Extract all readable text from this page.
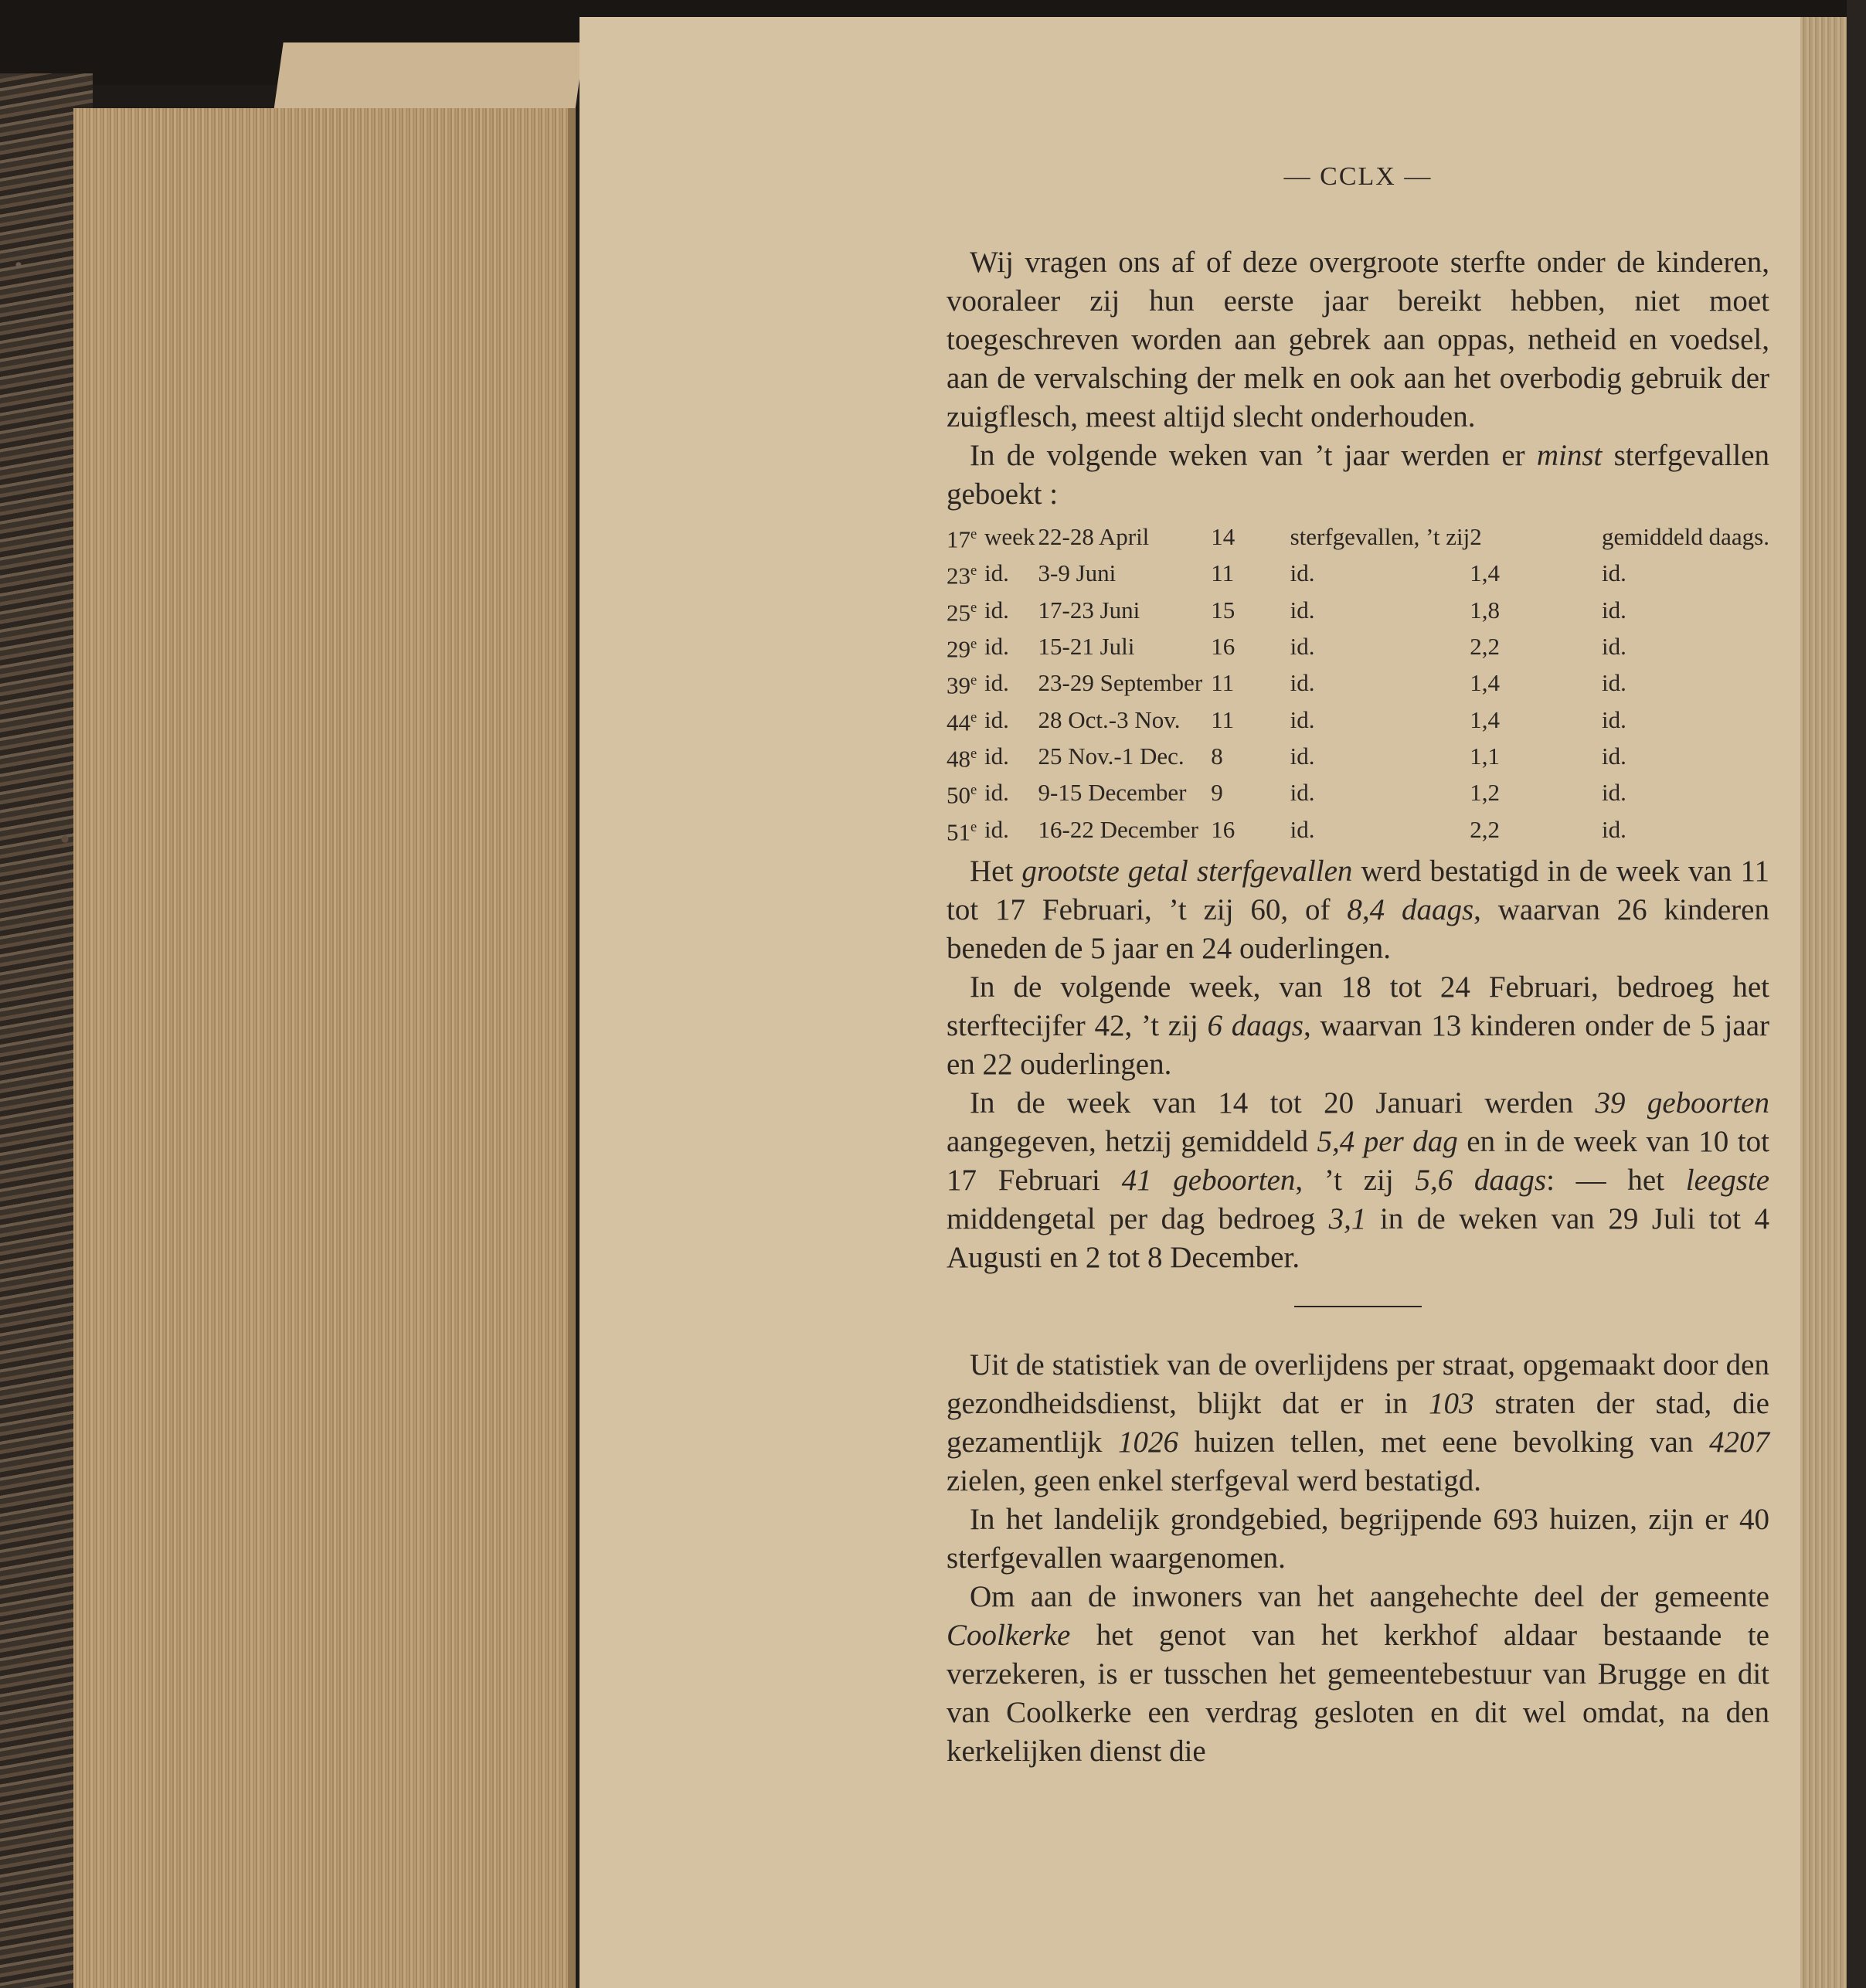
— CCLX —

Wij vragen ons af of deze overgroote sterfte onder de kinderen, vooraleer zij hun eerste jaar bereikt hebben, niet moet toegeschreven worden aan gebrek aan oppas, netheid en voedsel, aan de vervalsching der melk en ook aan het overbodig gebruik der zuigflesch, meest altijd slecht onderhouden.

In de volgende weken van ’t jaar werden er minst sterfgevallen geboekt :

17e	week	22-28 April	14	sterfgevallen, ’t zij	2	gemiddeld daags.
23e	id.	3-9 Juni	11	id.	1,4	id.
25e	id.	17-23 Juni	15	id.	1,8	id.
29e	id.	15-21 Juli	16	id.	2,2	id.
39e	id.	23-29 September	11	id.	1,4	id.
44e	id.	28 Oct.-3 Nov.	11	id.	1,4	id.
48e	id.	25 Nov.-1 Dec.	8	id.	1,1	id.
50e	id.	9-15 December	9	id.	1,2	id.
51e	id.	16-22 December	16	id.	2,2	id.

Het grootste getal sterfgevallen werd bestatigd in de week van 11 tot 17 Februari, ’t zij 60, of 8,4 daags, waarvan 26 kinderen beneden de 5 jaar en 24 ouderlingen.

In de volgende week, van 18 tot 24 Februari, bedroeg het sterftecijfer 42, ’t zij 6 daags, waarvan 13 kinderen onder de 5 jaar en 22 ouderlingen.

In de week van 14 tot 20 Januari werden 39 geboorten aangegeven, hetzij gemiddeld 5,4 per dag en in de week van 10 tot 17 Februari 41 geboorten, ’t zij 5,6 daags: — het leegste middengetal per dag bedroeg 3,1 in de weken van 29 Juli tot 4 Augusti en 2 tot 8 December.

Uit de statistiek van de overlijdens per straat, opgemaakt door den gezondheidsdienst, blijkt dat er in 103 straten der stad, die gezamentlijk 1026 huizen tellen, met eene bevolking van 4207 zielen, geen enkel sterfgeval werd bestatigd.

In het landelijk grondgebied, begrijpende 693 huizen, zijn er 40 sterfgevallen waargenomen.

Om aan de inwoners van het aangehechte deel der gemeente Coolkerke het genot van het kerkhof aldaar bestaande te verzekeren, is er tusschen het gemeentebestuur van Brugge en dit van Coolkerke een verdrag gesloten en dit wel omdat, na den kerkelijken dienst die
